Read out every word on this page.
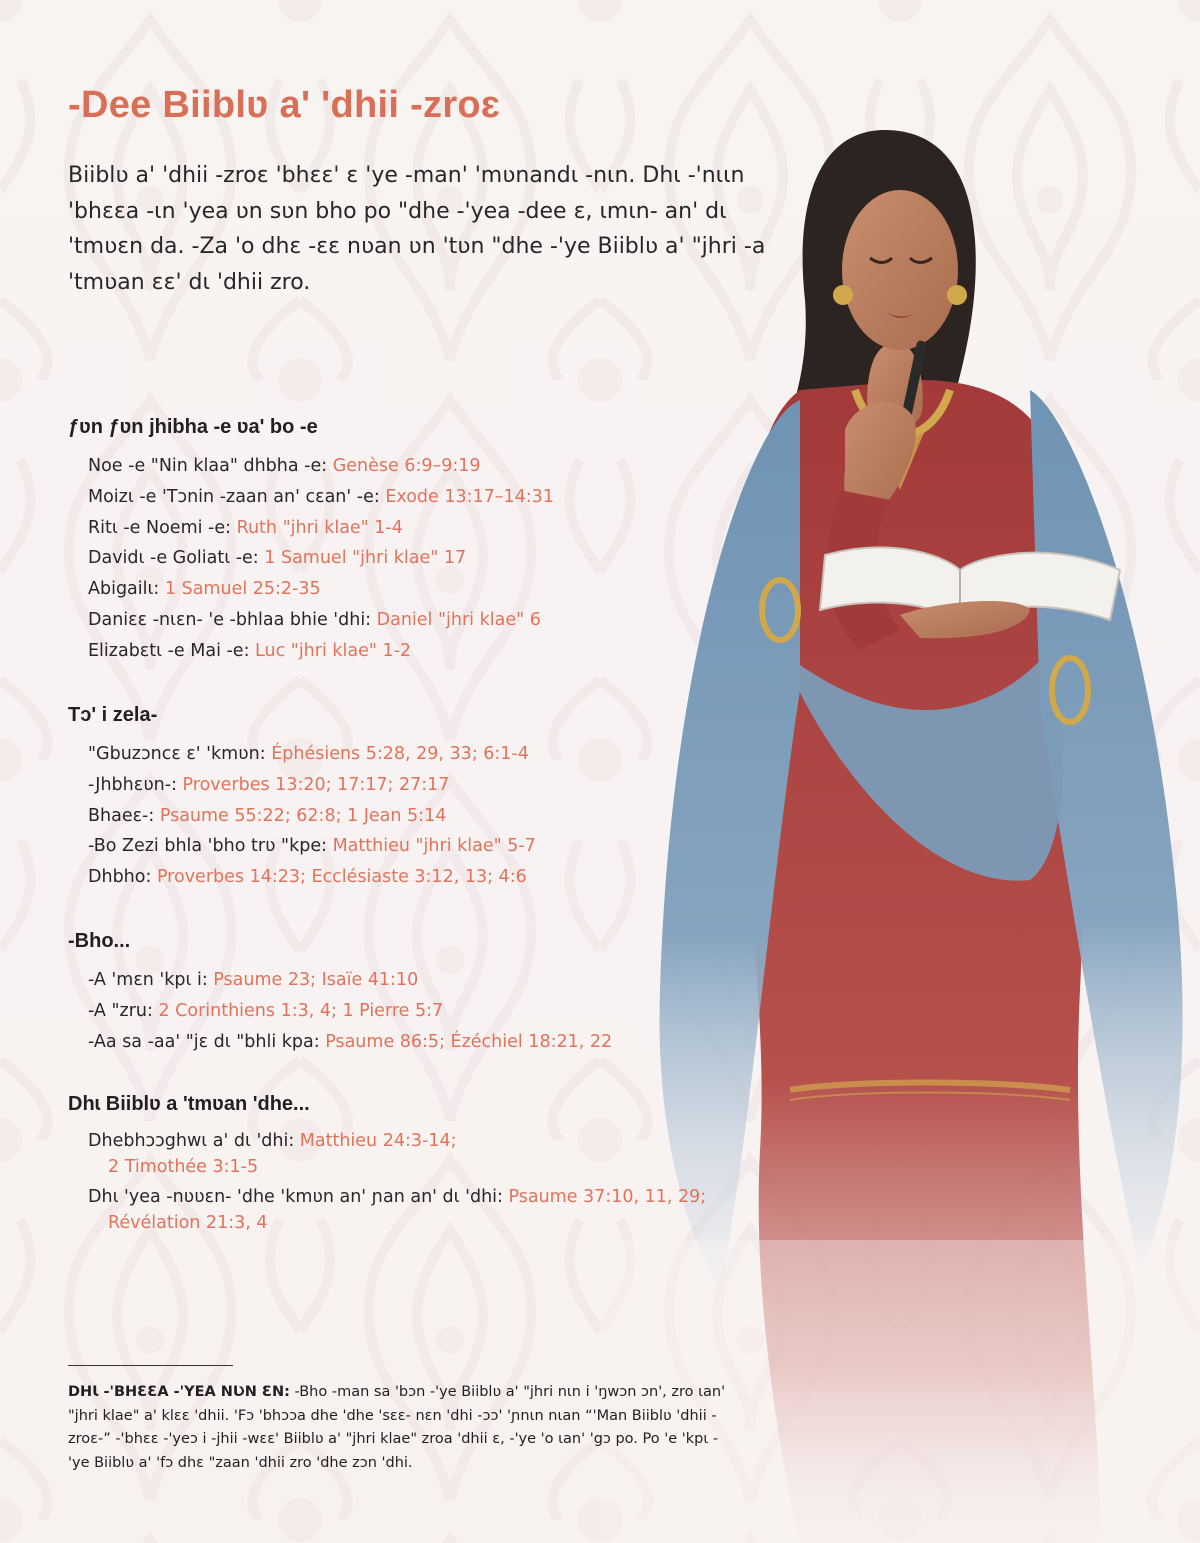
-Dee Biiblʋ a' 'dhii -zroɛ

Biiblʋ a' 'dhii -zroɛ 'bhɛɛ' ɛ 'ye -man' 'mʋnandɩ -nɩn. Dhɩ -'nɩɩn 'bhɛɛa -ɩn 'yea ʋn sʋn bho po "dhe -'yea -dee ɛ, ɩmɩn- an' dɩ 'tmʋɛn da. -Za 'o dhɛ -ɛɛ nʋan ʋn 'tʋn "dhe -'ye Biiblʋ a' "jhri -a 'tmʋan ɛɛ' dɩ 'dhii zro.

ƒʋn ƒʋn jhibha -e ʋa' bo -e
Noe -e "Nin klaa" dhbha -e: Genèse 6:9–9:19
Moizɩ -e 'Tɔnin -zaan an' cɛan' -e: Exode 13:17–14:31
Ritɩ -e Noemi -e: Ruth "jhri klae" 1-4
Davidɩ -e Goliatɩ -e: 1 Samuel "jhri klae" 17
Abigailɩ: 1 Samuel 25:2-35
Daniɛɛ -nɩɛn- 'e -bhlaa bhie 'dhi: Daniel "jhri klae" 6
Elizabɛtɩ -e Mai -e: Luc "jhri klae" 1-2
Tɔ' i zela-
"Gbuzɔncɛ ɛ' 'kmʋn: Éphésiens 5:28, 29, 33; 6:1-4
-Jhbhɛʋn-: Proverbes 13:20; 17:17; 27:17
Bhaeɛ-: Psaume 55:22; 62:8; 1 Jean 5:14
-Bo Zezi bhla 'bho trʋ "kpe: Matthieu "jhri klae" 5-7
Dhbho: Proverbes 14:23; Ecclésiaste 3:12, 13; 4:6
-Bho...
-A 'mɛn 'kpɩ i: Psaume 23; Isaïe 41:10
-A "zru: 2 Corinthiens 1:3, 4; 1 Pierre 5:7
-Aa sa -aa' "jɛ dɩ "bhli kpa: Psaume 86:5; Ézéchiel 18:21, 22
Dhɩ Biiblʋ a 'tmʋan 'dhe...
Dhebhɔɔghwɩ a' dɩ 'dhi: Matthieu 24:3-14;
2 Timothée 3:1-5
Dhɩ 'yea -nʋʋɛn- 'dhe 'kmʋn an' ɲan an' dɩ 'dhi: Psaume 37:10, 11, 29;
Révélation 21:3, 4

DHƖ -'BHƐƐA -'YEA NƲN ƐN: -Bho -man sa 'bɔn -'ye Biiblʋ a' "jhri nɩn i 'ŋwɔn ɔn', zro ɩan' "jhri klae" a' klɛɛ 'dhii. 'Fɔ 'bhɔɔa dhe 'dhe 'sɛɛ- nɛn 'dhi -ɔɔ' 'ɲnɩn nɩan “'Man Biiblʋ 'dhii -zroɛ-” -'bhɛɛ -'yeɔ i -jhii -wɛɛ' Biiblʋ a' "jhri klae" zroa 'dhii ɛ, -'ye 'o ɩan' 'gɔ po. Po 'e 'kpɩ -'ye Biiblʋ a' 'fɔ dhɛ "zaan 'dhii zro 'dhe zɔn 'dhi.
